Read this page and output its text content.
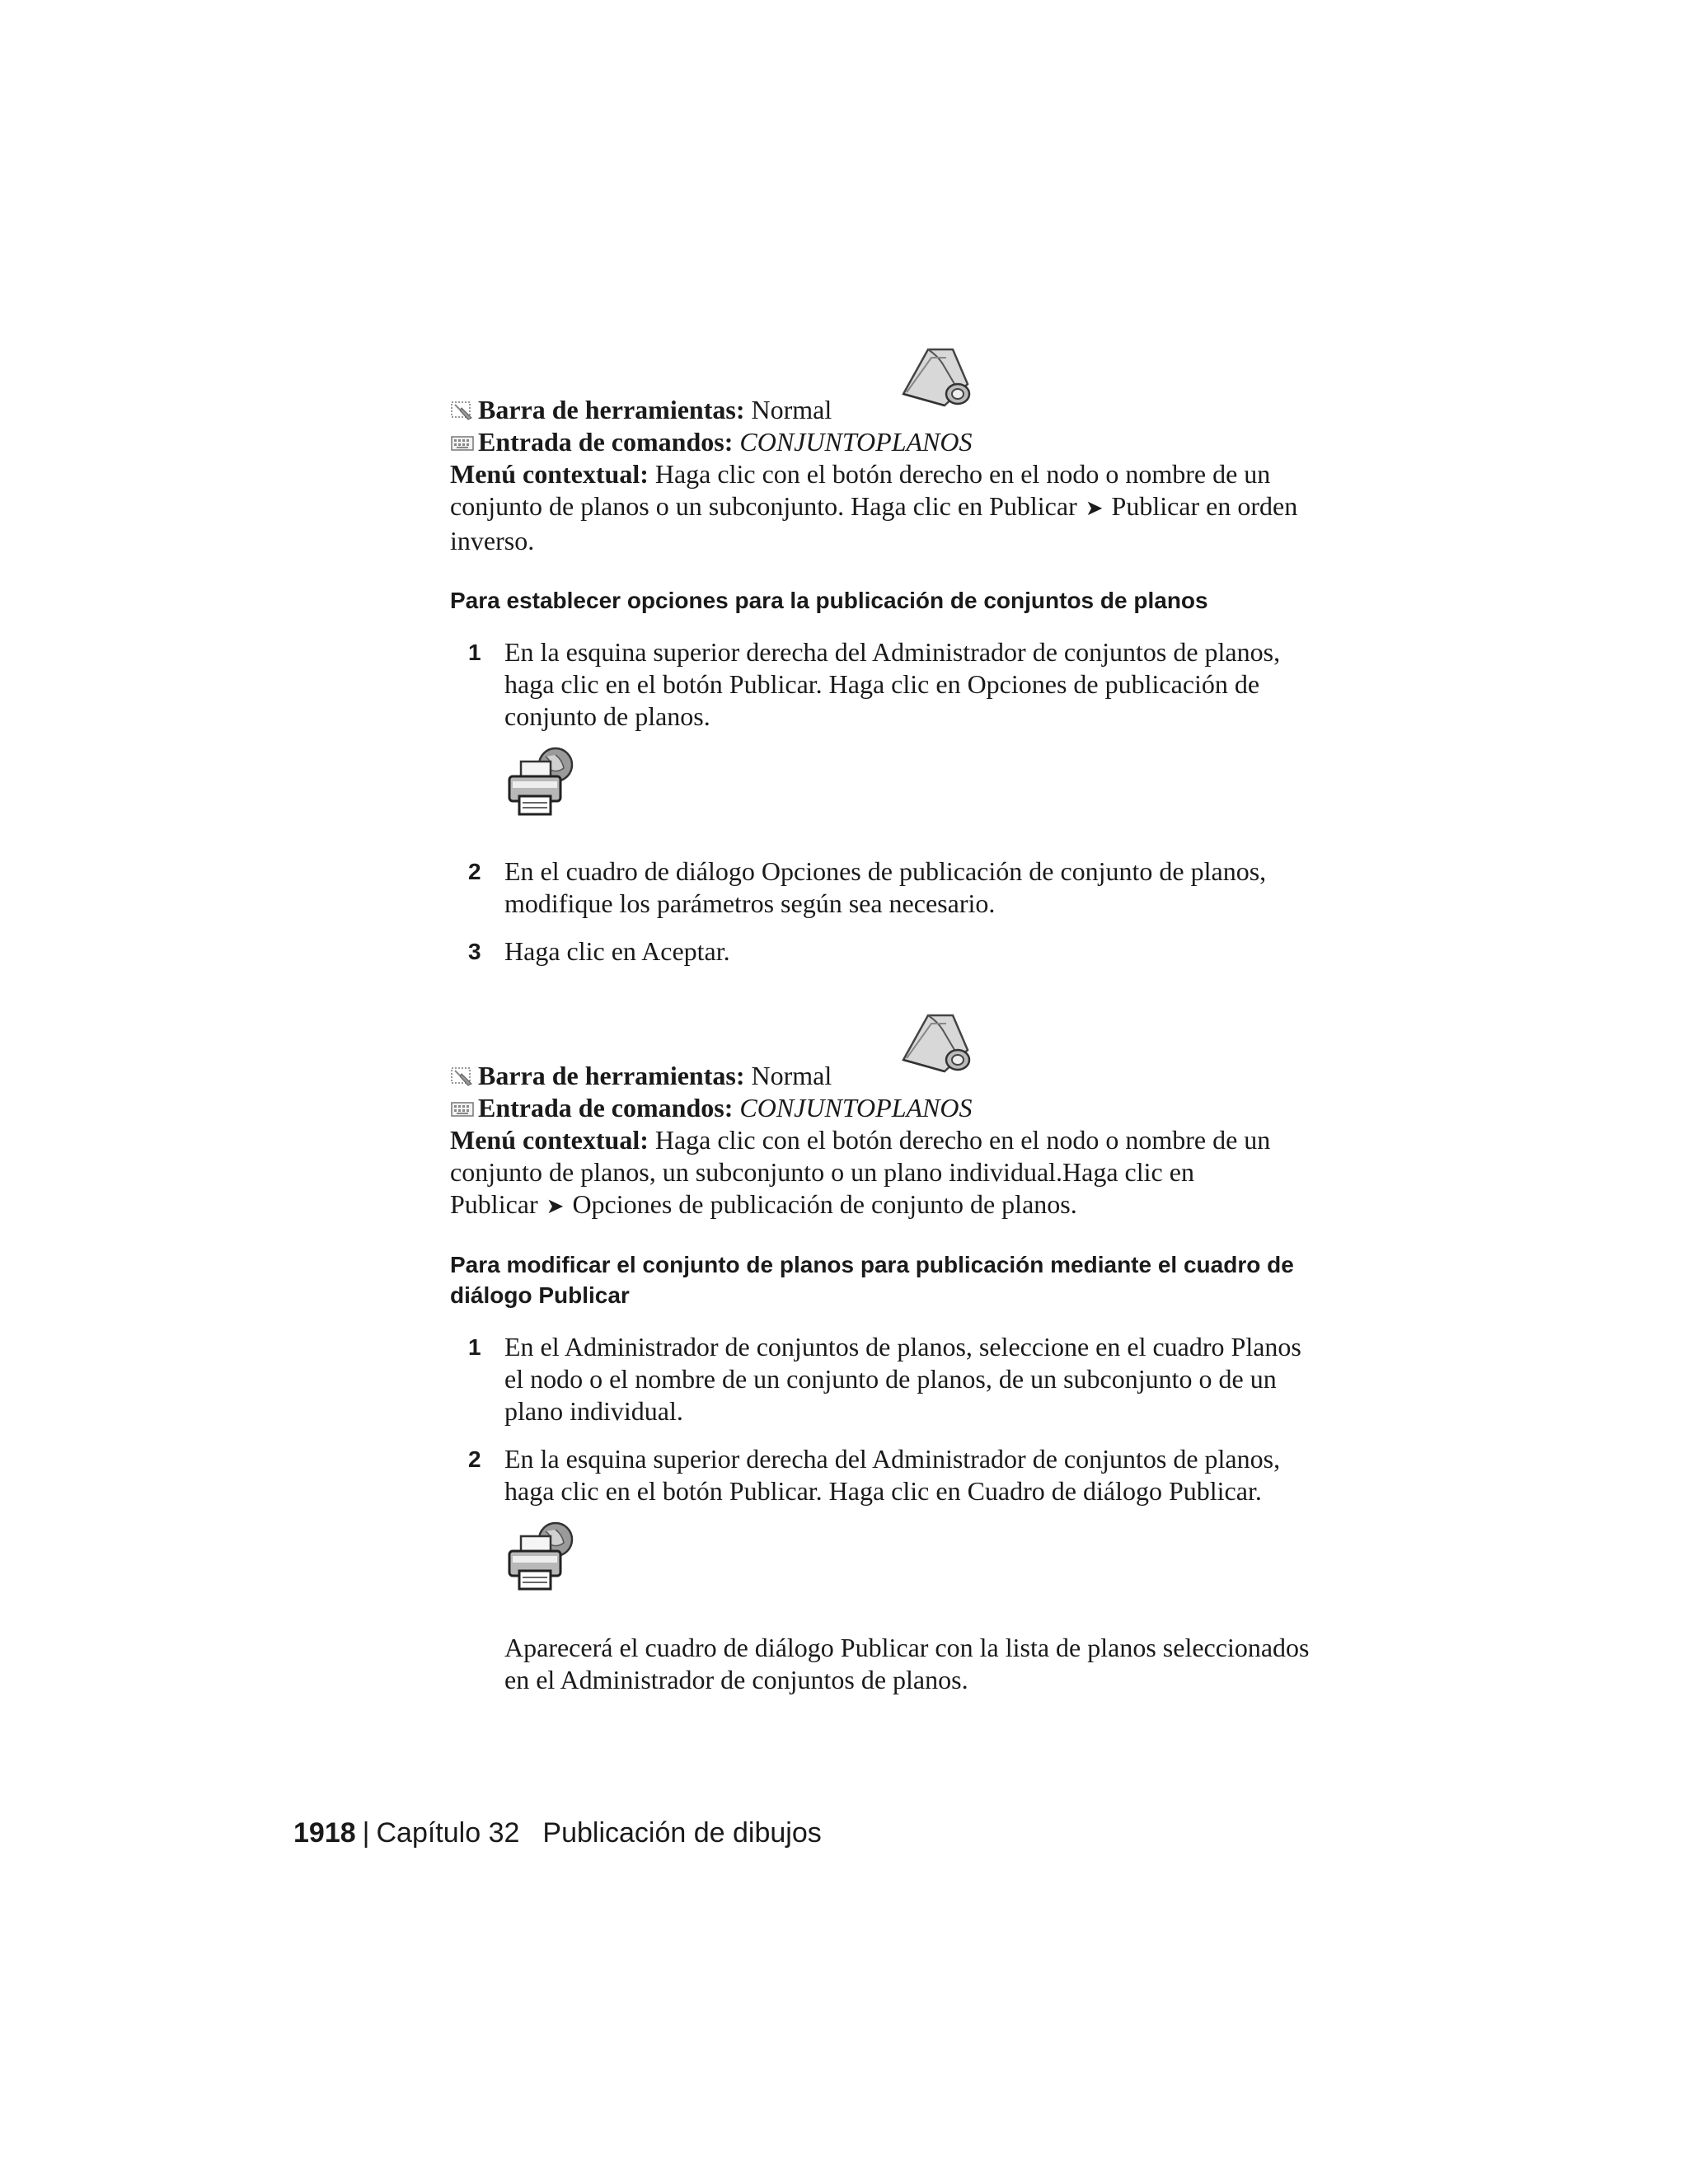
Barra de herramientas: Normal
Entrada de comandos: CONJUNTOPLANOS
Menú contextual: Haga clic con el botón derecho en el nodo o nombre de un conjunto de planos o un subconjunto. Haga clic en Publicar ➤ Publicar en orden inverso.
Para establecer opciones para la publicación de conjuntos de planos
1 En la esquina superior derecha del Administrador de conjuntos de planos, haga clic en el botón Publicar. Haga clic en Opciones de publicación de conjunto de planos.
2 En el cuadro de diálogo Opciones de publicación de conjunto de planos, modifique los parámetros según sea necesario.
3 Haga clic en Aceptar.
Barra de herramientas: Normal
Entrada de comandos: CONJUNTOPLANOS
Menú contextual: Haga clic con el botón derecho en el nodo o nombre de un conjunto de planos, un subconjunto o un plano individual.Haga clic en Publicar ➤ Opciones de publicación de conjunto de planos.
Para modificar el conjunto de planos para publicación mediante el cuadro de diálogo Publicar
1 En el Administrador de conjuntos de planos, seleccione en el cuadro Planos el nodo o el nombre de un conjunto de planos, de un subconjunto o de un plano individual.
2 En la esquina superior derecha del Administrador de conjuntos de planos, haga clic en el botón Publicar. Haga clic en Cuadro de diálogo Publicar.
Aparecerá el cuadro de diálogo Publicar con la lista de planos seleccionados en el Administrador de conjuntos de planos.
1918 | Capítulo 32 Publicación de dibujos
